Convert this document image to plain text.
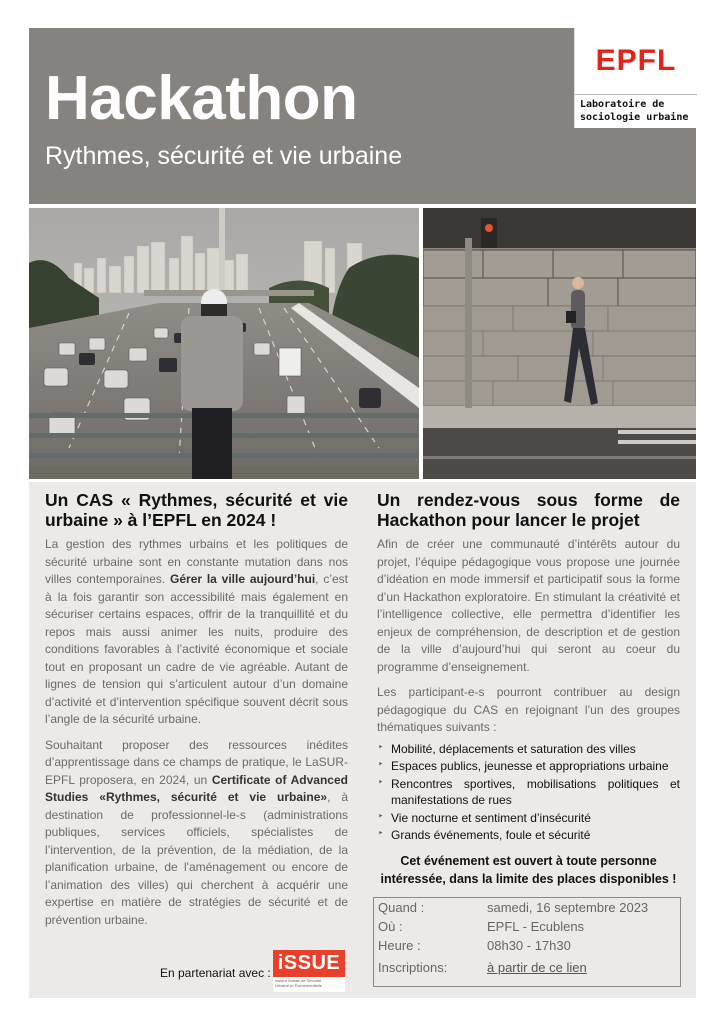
Hackathon
Rythmes, sécurité et vie urbaine
EPFL
Laboratoire de
sociologie urbaine
Un CAS « Rythmes, sécurité et vie urbaine » à l’EPFL en 2024 !

La gestion des rythmes urbains et les politiques de sécurité urbaine sont en constante mutation dans nos villes contemporaines. Gérer la ville aujourd’hui, c’est à la fois garantir son accessibilité mais également en sécuriser certains espaces, offrir de la tranquillité et du repos mais aussi animer les nuits, produire des conditions favorables à l’activité économique et sociale tout en proposant un cadre de vie agréable. Autant de lignes de tension qui s’articulent autour d’un domaine d’activité et d’intervention spécifique souvent décrit sous l’angle de la sécurité urbaine.

Souhaitant proposer des ressources inédites d’apprentissage dans ce champs de pratique, le LaSUR-EPFL proposera, en 2024, un Certificate of Advanced Studies «Rythmes, sécurité et vie urbaine», à destination de professionnel-le-s (administrations publiques, services officiels, spécialistes de l’intervention, de la prévention, de la médiation, de la planification urbaine, de l'aménagement ou encore de l’animation des villes) qui cherchent à acquérir une expertise en matière de stratégies de sécurité et de prévention urbaine.

En partenariat avec : iSSUE
Institut Suisse de Sécurité
Urbaine et Événementielle
Un rendez-vous sous forme de Hackathon pour lancer le projet

Afin de créer une communauté d’intérêts autour du projet, l’équipe pédagogique vous propose une journée d’idéation en mode immersif et participatif sous la forme d’un Hackathon exploratoire. En stimulant la créativité et l’intelligence collective, elle permettra d’identifier les enjeux de compréhension, de description et de gestion de la ville d’aujourd’hui qui seront au coeur du programme d’enseignement.

Les participant-e-s pourront contribuer au design pédagogique du CAS en rejoignant l’un des groupes thématiques suivants :

‣ Mobilité, déplacements et saturation des villes
‣ Espaces publics, jeunesse et appropriations urbaine
‣ Rencontres sportives, mobilisations politiques et manifestations de rues
‣ Vie nocturne et sentiment d’insécurité
‣ Grands événements, foule et sécurité
Cet événement est ouvert à toute personne intéressée, dans la limite des places disponibles !
Quand :	samedi, 16 septembre 2023
Où :	EPFL - Ecublens
Heure :	08h30 - 17h30
Inscriptions:	à partir de ce lien
